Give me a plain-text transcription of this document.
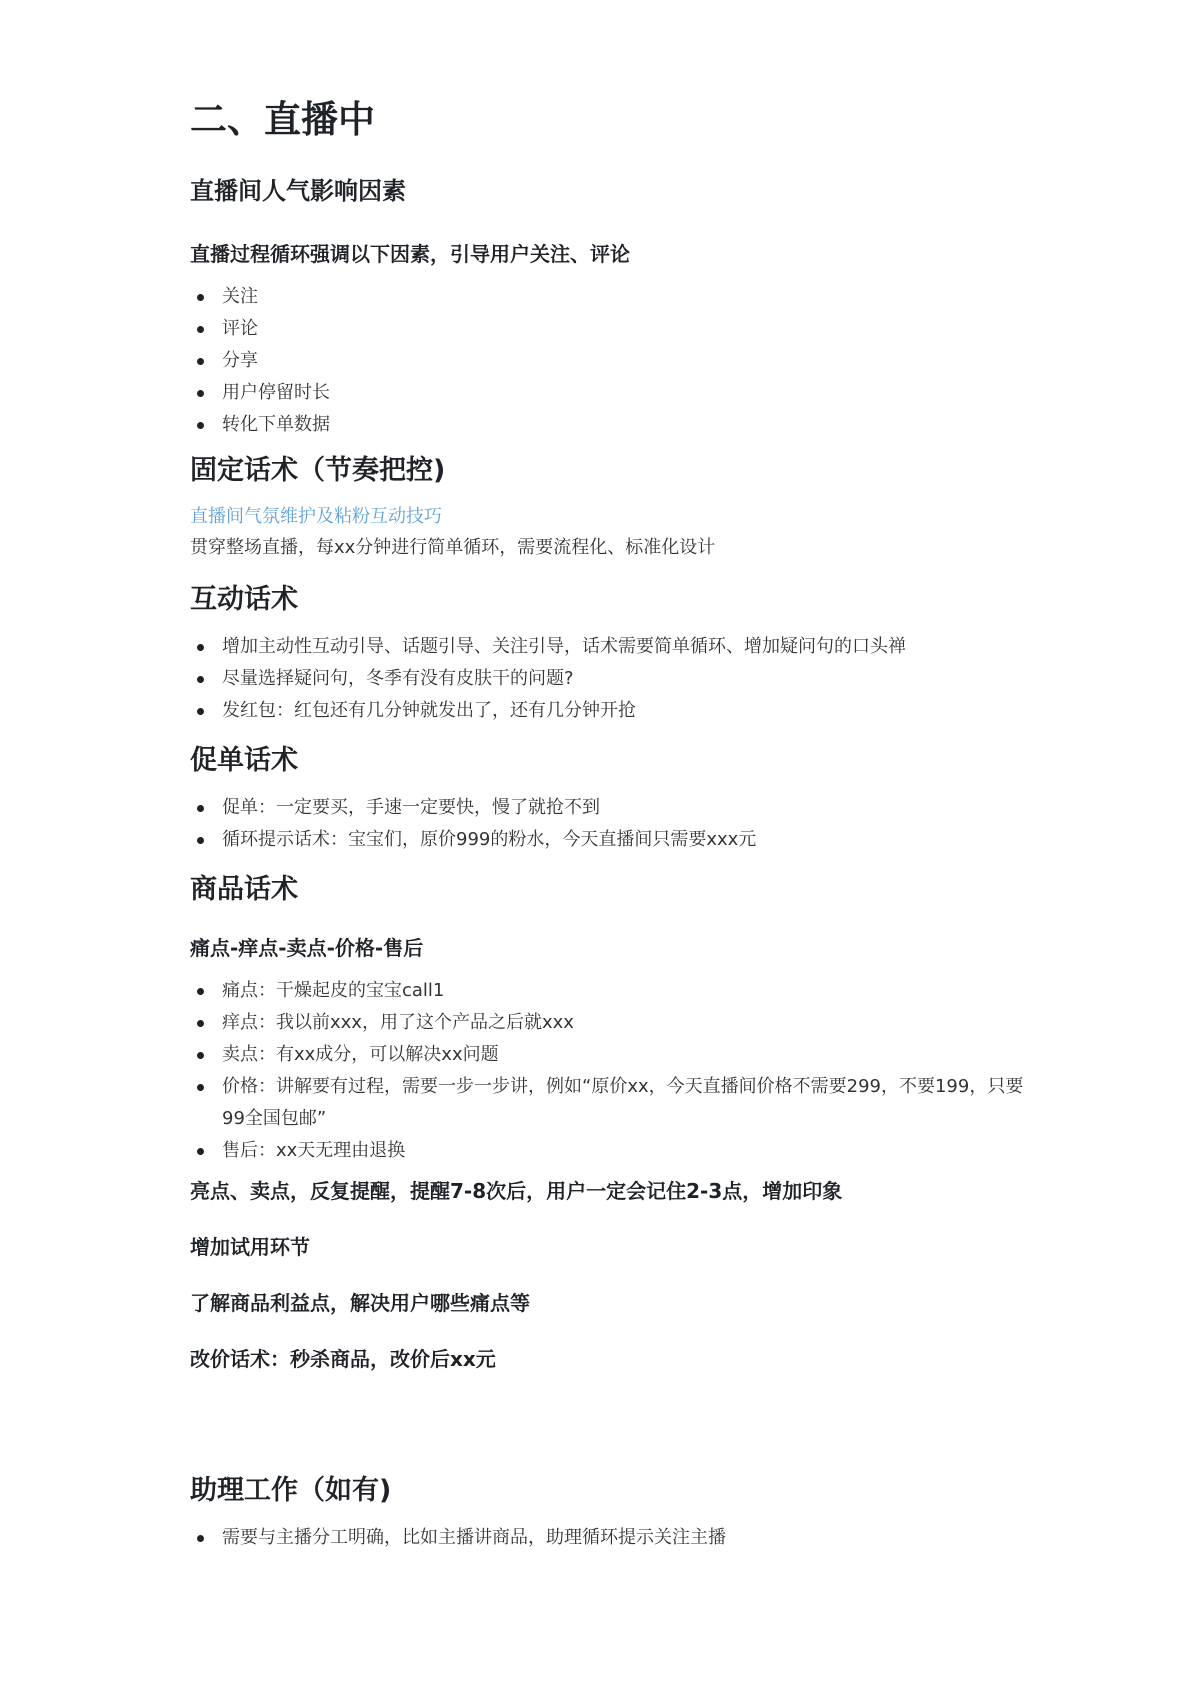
二、直播中
直播间人气影响因素
直播过程循环强调以下因素，引导用户关注、评论
关注
评论
分享
用户停留时长
转化下单数据
固定话术（节奏把控)
直播间气氛维护及粘粉互动技巧

贯穿整场直播，每xx分钟进行简单循环，需要流程化、标准化设计

互动话术
增加主动性互动引导、话题引导、关注引导，话术需要简单循环、增加疑问句的口头禅
尽量选择疑问句，冬季有没有皮肤干的问题?
发红包：红包还有几分钟就发出了，还有几分钟开抢
促单话术
促单：一定要买，手速一定要快，慢了就抢不到
循环提示话术：宝宝们，原价999的粉水，今天直播间只需要xxx元
商品话术
痛点-痒点-卖点-价格-售后
痛点：干燥起皮的宝宝call1
痒点：我以前xxx，用了这个产品之后就xxx
卖点：有xx成分，可以解决xx问题
价格：讲解要有过程，需要一步一步讲，例如“原价xx，今天直播间价格不需要299，不要199，只要99全国包邮”
售后：xx天无理由退换

亮点、卖点，反复提醒，提醒7-8次后，用户一定会记住2-3点，增加印象

增加试用环节

了解商品利益点，解决用户哪些痛点等

改价话术：秒杀商品，改价后xx元

助理工作（如有)
需要与主播分工明确，比如主播讲商品，助理循环提示关注主播
